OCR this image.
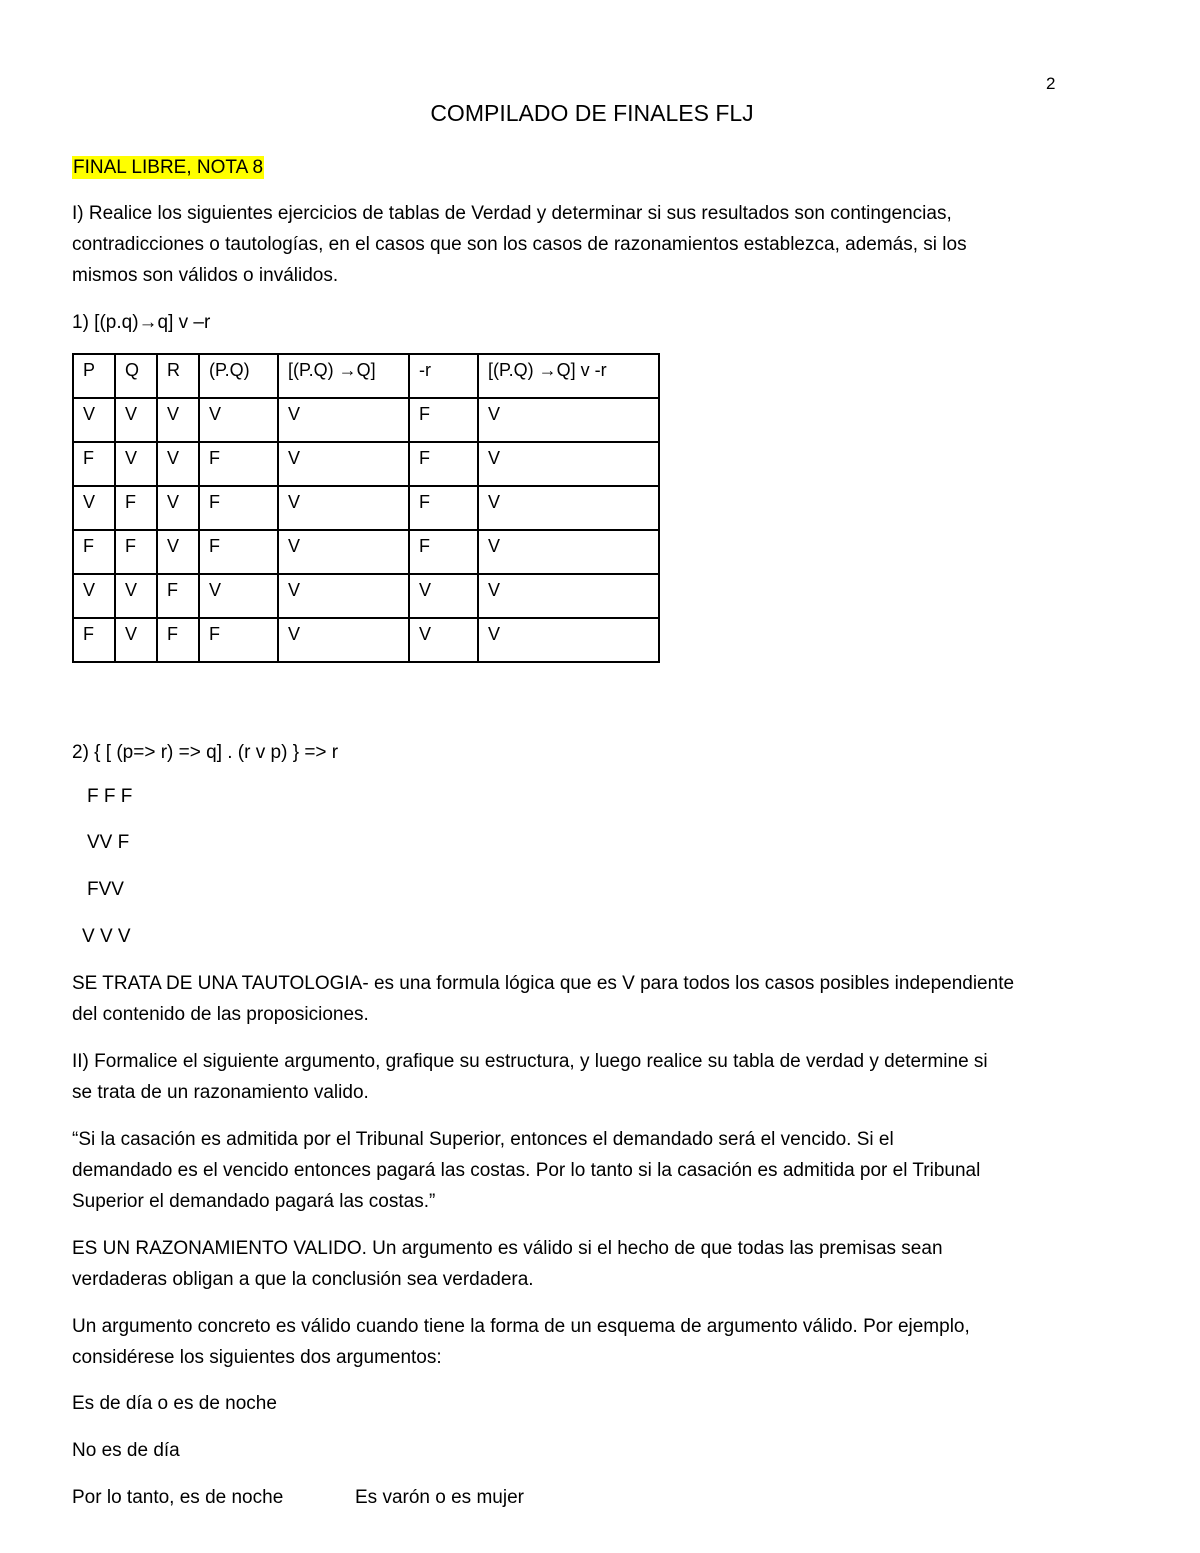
2
COMPILADO DE FINALES FLJ
FINAL LIBRE, NOTA 8
I) Realice los siguientes ejercicios de tablas de Verdad y determinar si sus resultados son contingencias,
contradicciones o tautologías, en el casos que son los casos de razonamientos establezca, además, si los
mismos son válidos o inválidos.
1) [(p.q)→q] v –r
P	Q	R	(P.Q)	[(P.Q) →Q]	-r	[(P.Q) →Q] v -r
V	V	V	V	V	F	V
F	V	V	F	V	F	V
V	F	V	F	V	F	V
F	F	V	F	V	F	V
V	V	F	V	V	V	V
F	V	F	F	V	V	V
2) { [ (p=> r) => q] . (r v p) } => r
F F F
VV F
FVV
V V V
SE TRATA DE UNA TAUTOLOGIA- es una formula lógica que es V para todos los casos posibles independiente
del contenido de las proposiciones.
II) Formalice el siguiente argumento, grafique su estructura, y luego realice su tabla de verdad y determine si
se trata de un razonamiento valido.
“Si la casación es admitida por el Tribunal Superior, entonces el demandado será el vencido. Si el
demandado es el vencido entonces pagará las costas. Por lo tanto si la casación es admitida por el Tribunal
Superior el demandado pagará las costas.”
ES UN RAZONAMIENTO VALIDO. Un argumento es válido si el hecho de que todas las premisas sean
verdaderas obligan a que la conclusión sea verdadera.
Un argumento concreto es válido cuando tiene la forma de un esquema de argumento válido. Por ejemplo,
considérese los siguientes dos argumentos:
Es de día o es de noche
No es de día
Por lo tanto, es de noche	Es varón o es mujer
